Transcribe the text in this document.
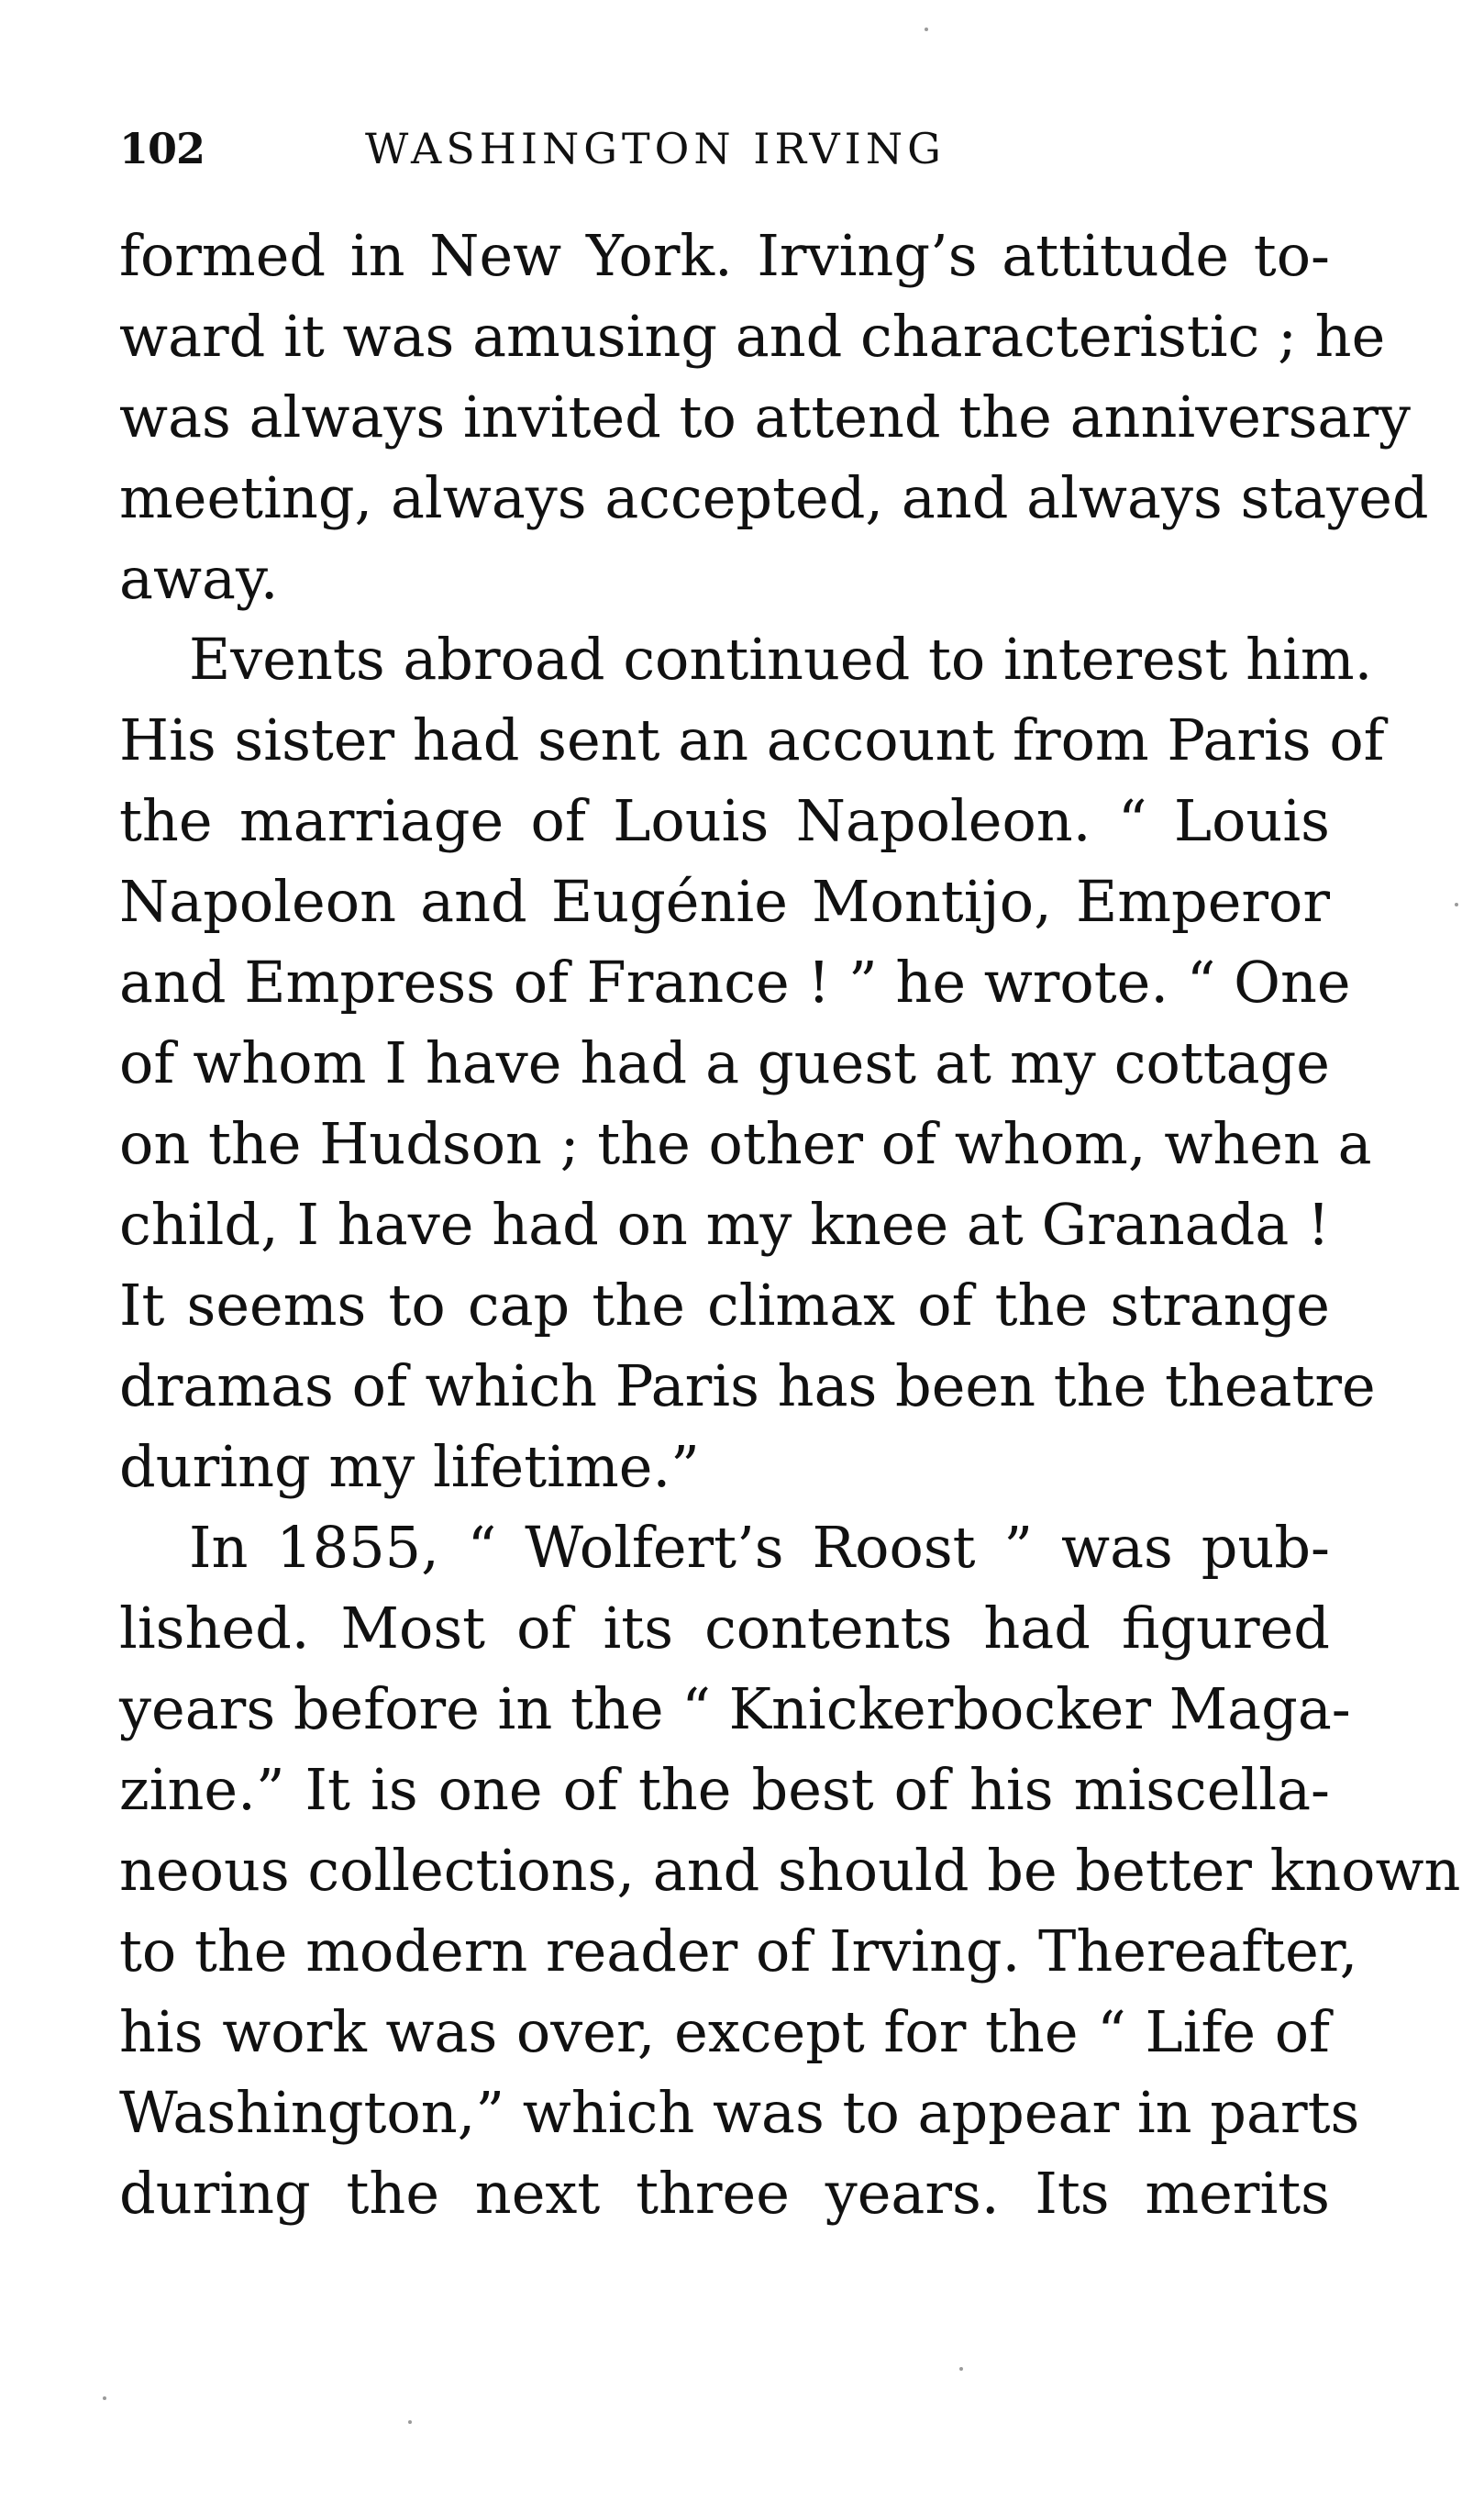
102	WASHINGTON IRVING
formed in New York. Irving’s attitude to-
ward it was amusing and characteristic ; he
was always invited to attend the anniversary
meeting, always accepted, and always stayed
away.
Events abroad continued to interest him.
His sister had sent an account from Paris of
the marriage of Louis Napoleon. “ Louis
Napoleon and Eugénie Montijo, Emperor
and Empress of France ! ” he wrote. “ One
of whom I have had a guest at my cottage
on the Hudson ; the other of whom, when a
child, I have had on my knee at Granada !
It seems to cap the climax of the strange
dramas of which Paris has been the theatre
during my lifetime.”
In 1855, “ Wolfert’s Roost ” was pub-
lished. Most of its contents had figured
years before in the “ Knickerbocker Maga-
zine.” It is one of the best of his miscella-
neous collections, and should be better known
to the modern reader of Irving. Thereafter,
his work was over, except for the “ Life of
Washington,” which was to appear in parts
during the next three years. Its merits
